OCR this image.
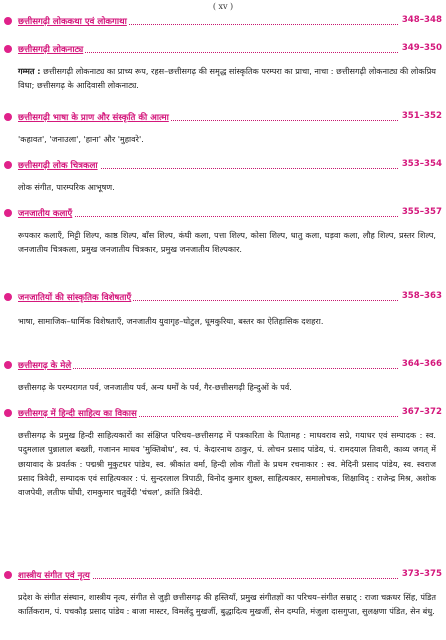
( xv )
छत्तीसगढ़ी लोककथा एवं लोकगाथा	348–348
छत्तीसगढ़ी लोकनाट्य	349–350
गम्मत : छत्तीसगढ़ी लोकनाट्य का प्राच्य रूप, रहस–छत्तीसगढ़ की समृद्ध सांस्कृतिक परम्परा का प्राचा, नाचा : छत्तीसगढ़ी लोकनाट्य की लोकप्रिय विधा; छत्तीसगढ़ के आदिवासी लोकनाट्य.
छत्तीसगढ़ी भाषा के प्राण और संस्कृति की आत्मा	351–352
'कहावत', 'जनाउला', 'हाना' और 'मुहावरे'.
छत्तीसगढ़ी लोक चित्रकला	353–354
लोक संगीत, पारम्परिक आभूषण.
जनजातीय कलाएँ	355–357
रूपकार कलाएँ, मिट्टी शिल्प, काष्ठ शिल्प, बाँस शिल्प, कंघी कला, पत्ता शिल्प, कोसा शिल्प, धातु कला, घड़वा कला, लौह शिल्प, प्रस्तर शिल्प, जनजातीय चित्रकला, प्रमुख जनजातीय चित्रकार, प्रमुख जनजातीय शिल्पकार.
जनजातियों की सांस्कृतिक विशेषताएँ	358–363
भाषा, सामाजिक–धार्मिक विशेषताएँ, जनजातीय युवागृह–घोटुल, धूमकुरिया, बस्तर का ऐतिहासिक दशहरा.
छत्तीसगढ़ के मेले	364–366
छत्तीसगढ़ के परम्परागत पर्व, जनजातीय पर्व, अन्य धर्मों के पर्व, गैर-छत्तीसगढ़ी हिन्दुओं के पर्व.
छत्तीसगढ़ में हिन्दी साहित्य का विकास	367–372
छत्तीसगढ़ के प्रमुख हिन्दी साहित्यकारों का संक्षिप्त परिचय–छत्तीसगढ़ में पत्रकारिता के पितामह : माधवराव सप्रे, गयाधर एवं सम्पादक : स्व. पदुमलाल पुन्नालाल बख्शी, गजानन माधव 'मुक्तिबोध', स्व. पं. केदारनाथ ठाकुर, पं. लोचन प्रसाद पांडेय, पं. रामदयाल तिवारी, काव्य जगत् में छायावाद के प्रवर्तक : पद्मश्री मुकुटधर पांडेय, स्व. श्रीकांत वर्मा, हिन्दी लोक गीतों के प्रथम रचनाकार : स्व. मेदिनी प्रसाद पांडेय, स्व. स्वराज प्रसाद त्रिवेदी, सम्पादक एवं साहित्यकार : पं. सुन्दरलाल त्रिपाठी, विनोद कुमार शुक्ल, साहित्यकार, समालोचक, शिक्षाविद् : राजेन्द्र मिश्र, अशोक वाजपेयी, लतीफ घोंघी, रामकुमार चतुर्वेदी 'चंचल', क्रांति त्रिवेदी.
शास्त्रीय संगीत एवं नृत्य	373–375
प्रदेश के संगीत संस्थान, शास्त्रीय नृत्य, संगीत से जुड़ी छत्तीसगढ़ की हस्तियाँ, प्रमुख संगीतज्ञों का परिचय–संगीत सम्राट् : राजा चक्रधर सिंह, पंडित कार्तिकराम, पं. पचकौड़ प्रसाद पांडेय : बाजा मास्टर, विमलेंदु मुखर्जी, बुद्धादित्य मुखर्जी, सेन दम्पति, मंजुला दासगुप्ता, सुलक्षणा पंडित, सेन बंधु.
